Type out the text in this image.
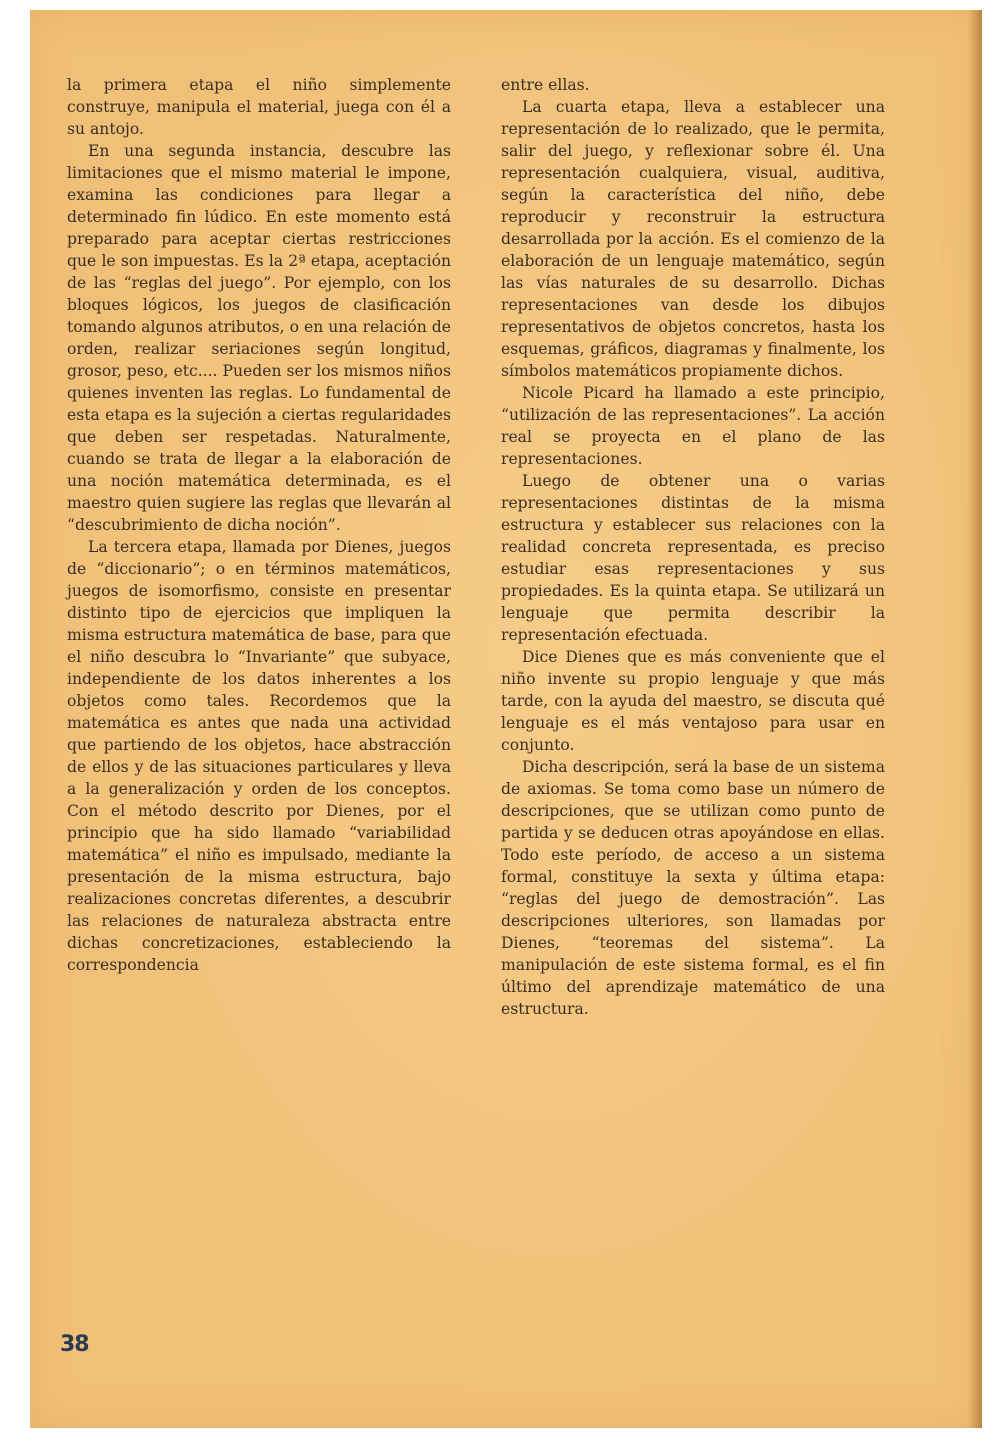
la primera etapa el niño simplemente construye, manipula el material, juega con él a su antojo.

En una segunda instancia, descubre las limitaciones que el mismo material le impone, examina las condiciones para llegar a determinado fin lúdico. En este momento está preparado para aceptar ciertas restricciones que le son impuestas. Es la 2ª etapa, aceptación de las “reglas del juego”. Por ejemplo, con los bloques lógicos, los juegos de clasificación tomando algunos atributos, o en una relación de orden, realizar seriaciones según longitud, grosor, peso, etc.... Pueden ser los mismos niños quienes inventen las reglas. Lo fundamental de esta etapa es la sujeción a ciertas regularidades que deben ser respetadas. Naturalmente, cuando se trata de llegar a la elaboración de una noción matemática determinada, es el maestro quien sugiere las reglas que llevarán al “descubrimiento de dicha noción”.

La tercera etapa, llamada por Dienes, juegos de “diccionario”; o en términos matemáticos, juegos de isomorfismo, consiste en presentar distinto tipo de ejercicios que impliquen la misma estructura matemática de base, para que el niño descubra lo “Invariante” que subyace, independiente de los datos inherentes a los objetos como tales. Recordemos que la matemática es antes que nada una actividad que partiendo de los objetos, hace abstracción de ellos y de las situaciones particulares y lleva a la generalización y orden de los conceptos. Con el método descrito por Dienes, por el principio que ha sido llamado “variabilidad matemática” el niño es impulsado, mediante la presentación de la misma estructura, bajo realizaciones concretas diferentes, a descubrir las relaciones de naturaleza abstracta entre dichas concretizaciones, estableciendo la correspondencia

entre ellas.

La cuarta etapa, lleva a establecer una representación de lo realizado, que le permita, salir del juego, y reflexionar sobre él. Una representación cualquiera, visual, auditiva, según la característica del niño, debe reproducir y reconstruir la estructura desarrollada por la acción. Es el comienzo de la elaboración de un lenguaje matemático, según las vías naturales de su desarrollo. Dichas representaciones van desde los dibujos representativos de objetos concretos, hasta los esquemas, gráficos, diagramas y finalmente, los símbolos matemáticos propiamente dichos.

Nicole Picard ha llamado a este principio, “utilización de las representaciones”. La acción real se proyecta en el plano de las representaciones.

Luego de obtener una o varias representaciones distintas de la misma estructura y establecer sus relaciones con la realidad concreta representada, es preciso estudiar esas representaciones y sus propiedades. Es la quinta etapa. Se utilizará un lenguaje que permita describir la representación efectuada.

Dice Dienes que es más conveniente que el niño invente su propio lenguaje y que más tarde, con la ayuda del maestro, se discuta qué lenguaje es el más ventajoso para usar en conjunto.

Dicha descripción, será la base de un sistema de axiomas. Se toma como base un número de descripciones, que se utilizan como punto de partida y se deducen otras apoyándose en ellas. Todo este período, de acceso a un sistema formal, constituye la sexta y última etapa: “reglas del juego de demostración”. Las descripciones ulteriores, son llamadas por Dienes, “teoremas del sistema”. La manipulación de este sistema formal, es el fin último del aprendizaje matemático de una estructura.

38
